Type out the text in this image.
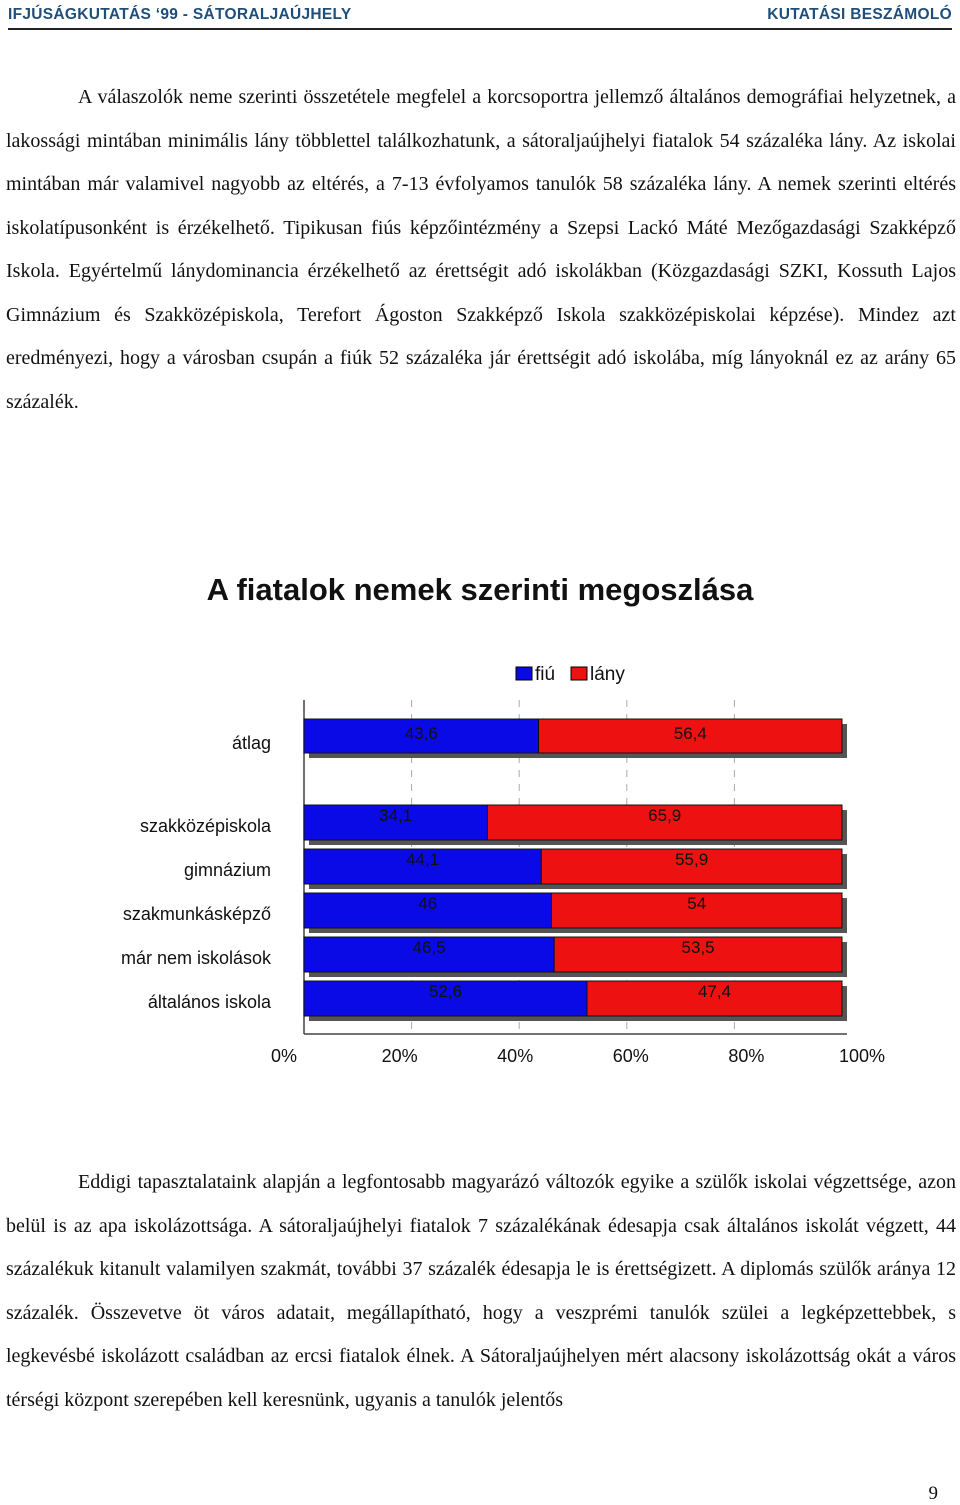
IFJÚSÁGKUTATÁS ‘99 - SÁTORALJAÚJHELY	KUTATÁSI BESZÁMOLÓ

A válaszolók neme szerinti összetétele megfelel a korcsoportra jellemző általános demográfiai helyzetnek, a lakossági mintában minimális lány többlettel találkozhatunk, a sátoraljaújhelyi fiatalok 54 százaléka lány. Az iskolai mintában már valamivel nagyobb az eltérés, a 7-13 évfolyamos tanulók 58 százaléka lány. A nemek szerinti eltérés iskolatípusonként is érzékelhető. Tipikusan fiús képzőintézmény a Szepsi Lackó Máté Mezőgazdasági Szakképző Iskola. Egyértelmű lánydominancia érzékelhető az érettségit adó iskolákban (Közgazdasági SZKI, Kossuth Lajos Gimnázium és Szakközépiskola, Terefort Ágoston Szakképző Iskola szakközépiskolai képzése). Mindez azt eredményezi, hogy a városban csupán a fiúk 52 százaléka jár érettségit adó iskolába, míg lányoknál ez az arány 65 százalék.

A fiatalok nemek szerinti megoszlása
fiú lány
43,6	56,4
átlag
34,1	65,9
szakközépiskola
44,1	55,9
gimnázium
46	54
szakmunkásképző
46,5	53,5
már nem iskolások
52,6	47,4
általános iskola
0%	20%	40%	60%	80%	100%

Eddigi tapasztalataink alapján a legfontosabb magyarázó változók egyike a szülők iskolai végzettsége, azon belül is az apa iskolázottsága. A sátoraljaújhelyi fiatalok 7 százalékának édesapja csak általános iskolát végzett, 44 százalékuk kitanult valamilyen szakmát, további 37 százalék édesapja le is érettségizett. A diplomás szülők aránya 12 százalék. Összevetve öt város adatait, megállapítható, hogy a veszprémi tanulók szülei a legképzettebbek, s legkevésbé iskolázott családban az ercsi fiatalok élnek. A Sátoraljaújhelyen mért alacsony iskolázottság okát a város térségi központ szerepében kell keresnünk, ugyanis a tanulók jelentős

9
